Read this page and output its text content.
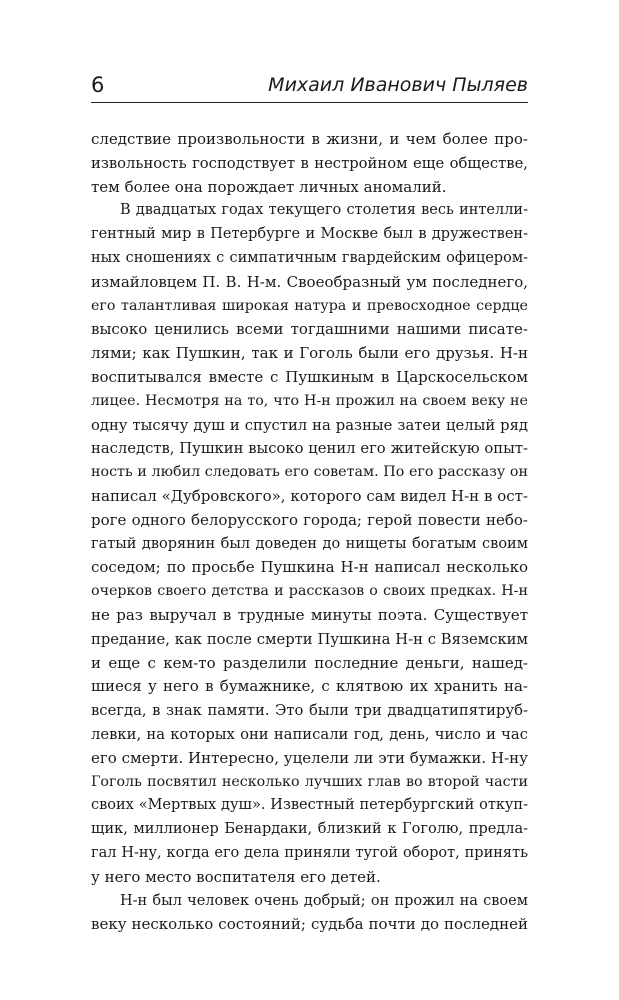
6	Михаил Иванович Пыляев
следствие произвольности в жизни, и чем более про-
извольность господствует в нестройном еще обществе,
тем более она порождает личных аномалий.
В двадцатых годах текущего столетия весь интелли-
гентный мир в Петербурге и Москве был в дружествен-
ных сношениях с симпатичным гвардейским офицером-
измайловцем П. В. Н-м. Своеобразный ум последнего,
его талантливая широкая натура и превосходное сердце
высоко ценились всеми тогдашними нашими писате-
лями; как Пушкин, так и Гоголь были его друзья. Н-н
воспитывался вместе с Пушкиным в Царскосельском
лицее. Несмотря на то, что Н-н прожил на своем веку не
одну тысячу душ и спустил на разные затеи целый ряд
наследств, Пушкин высоко ценил его житейскую опыт-
ность и любил следовать его советам. По его рассказу он
написал «Дубровского», которого сам видел Н-н в ост-
роге одного белорусского города; герой повести небо-
гатый дворянин был доведен до нищеты богатым своим
соседом; по просьбе Пушкина Н-н написал несколько
очерков своего детства и рассказов о своих предках. Н-н
не раз выручал в трудные минуты поэта. Существует
предание, как после смерти Пушкина Н-н с Вяземским
и еще с кем-то разделили последние деньги, нашед-
шиеся у него в бумажнике, с клятвою их хранить на-
всегда, в знак памяти. Это были три двадцатипятируб-
левки, на которых они написали год, день, число и час
его смерти. Интересно, уцелели ли эти бумажки. Н-ну
Гоголь посвятил несколько лучших глав во второй части
своих «Мертвых душ». Известный петербургский откуп-
щик, миллионер Бенардаки, близкий к Гоголю, предла-
гал Н-ну, когда его дела приняли тугой оборот, принять
у него место воспитателя его детей.
Н-н был человек очень добрый; он прожил на своем
веку несколько состояний; судьба почти до последней
